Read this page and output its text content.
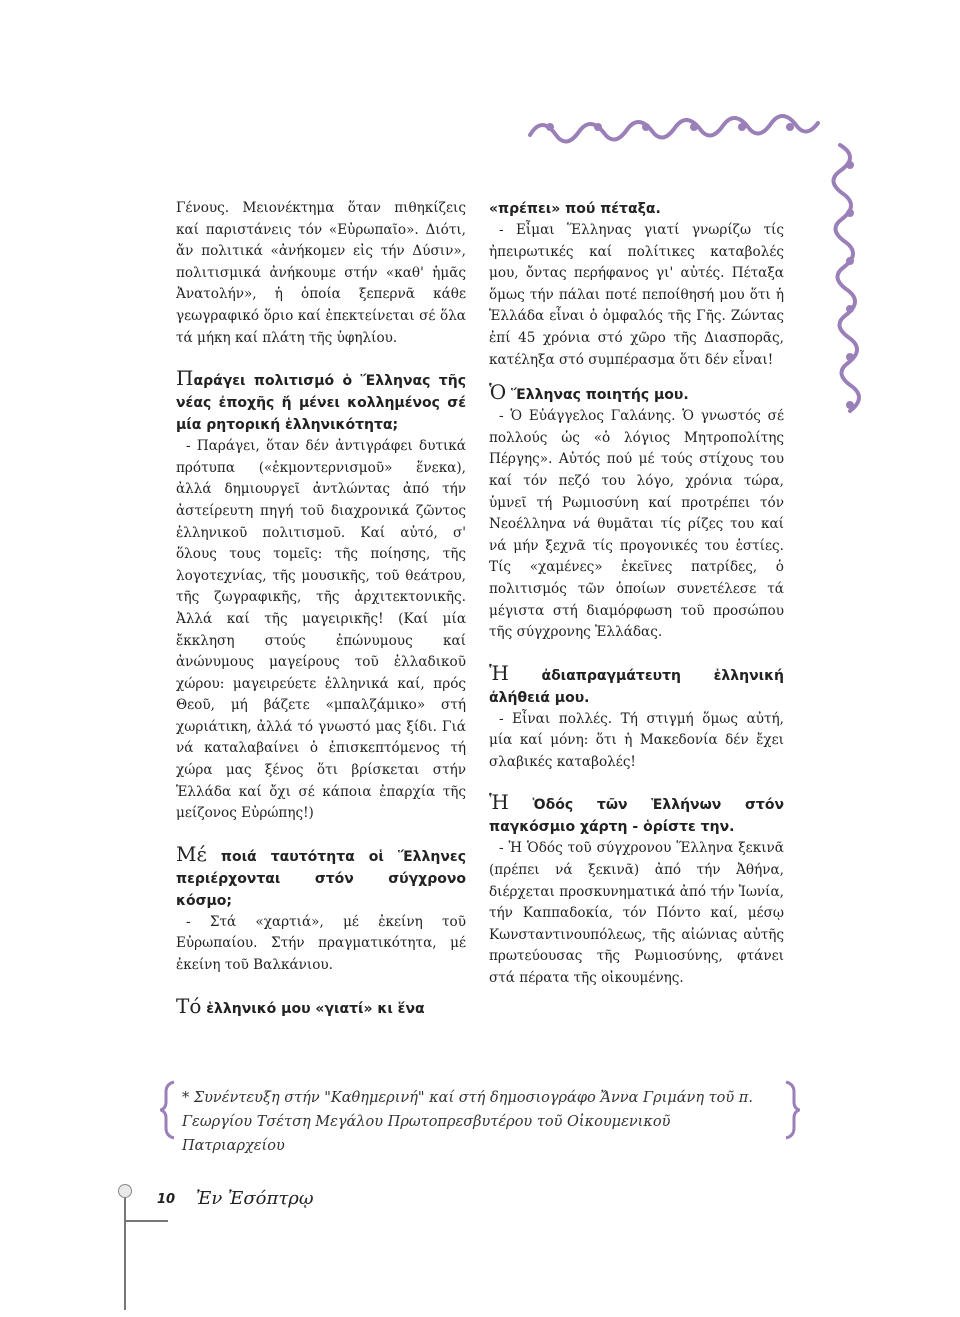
Γένους. Μειονέκτημα ὅταν πιθηκίζεις καί παριστάνεις τόν «Εὐρωπαῖο». Διότι, ἄν πολιτικά «ἀνήκομεν εἰς τήν Δύσιν», πολιτισμικά ἀνήκουμε στήν «καθ' ἡμᾶς Ἀνατολήν», ἡ ὁποία ξεπερνᾶ κάθε γεωγραφικό ὅριο καί ἐπεκτείνεται σέ ὅλα τά μήκη καί πλάτη τῆς ὑφηλίου.

Παράγει πολιτισμό ὁ Ἕλληνας τῆς νέας ἐποχῆς ἤ μένει κολλημένος σέ μία ρητορική ἑλληνικότητα;

- Παράγει, ὅταν δέν ἀντιγράφει δυτικά πρότυπα («ἐκμοντερνισμοῦ» ἕνεκα), ἀλλά δημιουργεῖ ἀντλώντας ἀπό τήν ἀστείρευτη πηγή τοῦ διαχρονικά ζῶντος ἑλληνικοῦ πολιτισμοῦ. Καί αὐτό, σ' ὅλους τους τομεῖς: τῆς ποίησης, τῆς λογοτεχνίας, τῆς μουσικῆς, τοῦ θεάτρου, τῆς ζωγραφικῆς, τῆς ἀρχιτεκτονικῆς. Ἀλλά καί τῆς μαγειρικῆς! (Καί μία ἔκκληση στούς ἐπώνυμους καί ἀνώνυμους μαγείρους τοῦ ἑλλαδικοῦ χώρου: μαγειρεύετε ἑλληνικά καί, πρός Θεοῦ, μή βάζετε «μπαλζάμικο» στή χωριάτικη, ἀλλά τό γνωστό μας ξίδι. Γιά νά καταλαβαίνει ὁ ἐπισκεπτόμενος τή χώρα μας ξένος ὅτι βρίσκεται στήν Ἑλλάδα καί ὄχι σέ κάποια ἐπαρχία τῆς μείζονος Εὐρώπης!)

Μέ ποιά ταυτότητα οἱ Ἕλληνες περιέρχονται στόν σύγχρονο κόσμο;

- Στά «χαρτιά», μέ ἐκείνη τοῦ Εὐρωπαίου. Στήν πραγματικότητα, μέ ἐκείνη τοῦ Βαλκάνιου.

Τό ἑλληνικό μου «γιατί» κι ἕνα

«πρέπει» πού πέταξα.

- Εἶμαι Ἕλληνας γιατί γνωρίζω τίς ἠπειρωτικές καί πολίτικες καταβολές μου, ὄντας περήφανος γι' αὐτές. Πέταξα ὅμως τήν πάλαι ποτέ πεποίθησή μου ὅτι ἡ Ἑλλάδα εἶναι ὁ ὀμφαλός τῆς Γῆς. Ζώντας ἐπί 45 χρόνια στό χῶρο τῆς Διασπορᾶς, κατέληξα στό συμπέρασμα ὅτι δέν εἶναι!

Ὁ Ἕλληνας ποιητής μου.

- Ὁ Εὐάγγελος Γαλάνης. Ὁ γνωστός σέ πολλούς ὡς «ὁ λόγιος Μητροπολίτης Πέργης». Αὐτός πού μέ τούς στίχους του καί τόν πεζό του λόγο, χρόνια τώρα, ὑμνεῖ τή Ρωμιοσύνη καί προτρέπει τόν Νεοέλληνα νά θυμᾶται τίς ρίζες του καί νά μήν ξεχνᾶ τίς προγονικές του ἑστίες. Τίς «χαμένες» ἐκεῖνες πατρίδες, ὁ πολιτισμός τῶν ὁποίων συνετέλεσε τά μέγιστα στή διαμόρφωση τοῦ προσώπου τῆς σύγχρονης Ἑλλάδας.

Ἡ ἀδιαπραγμάτευτη ἑλληνική ἀλήθειά μου.

- Εἶναι πολλές. Τή στιγμή ὅμως αὐτή, μία καί μόνη: ὅτι ἡ Μακεδονία δέν ἔχει σλαβικές καταβολές!

Ἡ Ὁδός τῶν Ἑλλήνων στόν παγκόσμιο χάρτη - ὁρίστε την.

- Ἡ Ὁδός τοῦ σύγχρονου Ἕλληνα ξεκινᾶ (πρέπει νά ξεκινᾶ) ἀπό τήν Ἀθήνα, διέρχεται προσκυνηματικά ἀπό τήν Ἰωνία, τήν Καππαδοκία, τόν Πόντο καί, μέσῳ Κωνσταντινουπόλεως, τῆς αἰώνιας αὐτῆς πρωτεύουσας τῆς Ρωμιοσύνης, φτάνει στά πέρατα τῆς οἰκουμένης.

* Συνέντευξη στήν "Καθημερινή" καί στή δημοσιογράφο Ἄννα Γριμάνη τοῦ π. Γεωργίου Τσέτση Μεγάλου Πρωτοπρεσβυτέρου τοῦ Οἰκουμενικοῦ Πατριαρχείου
10 Ἐν Ἐσόπτρῳ
